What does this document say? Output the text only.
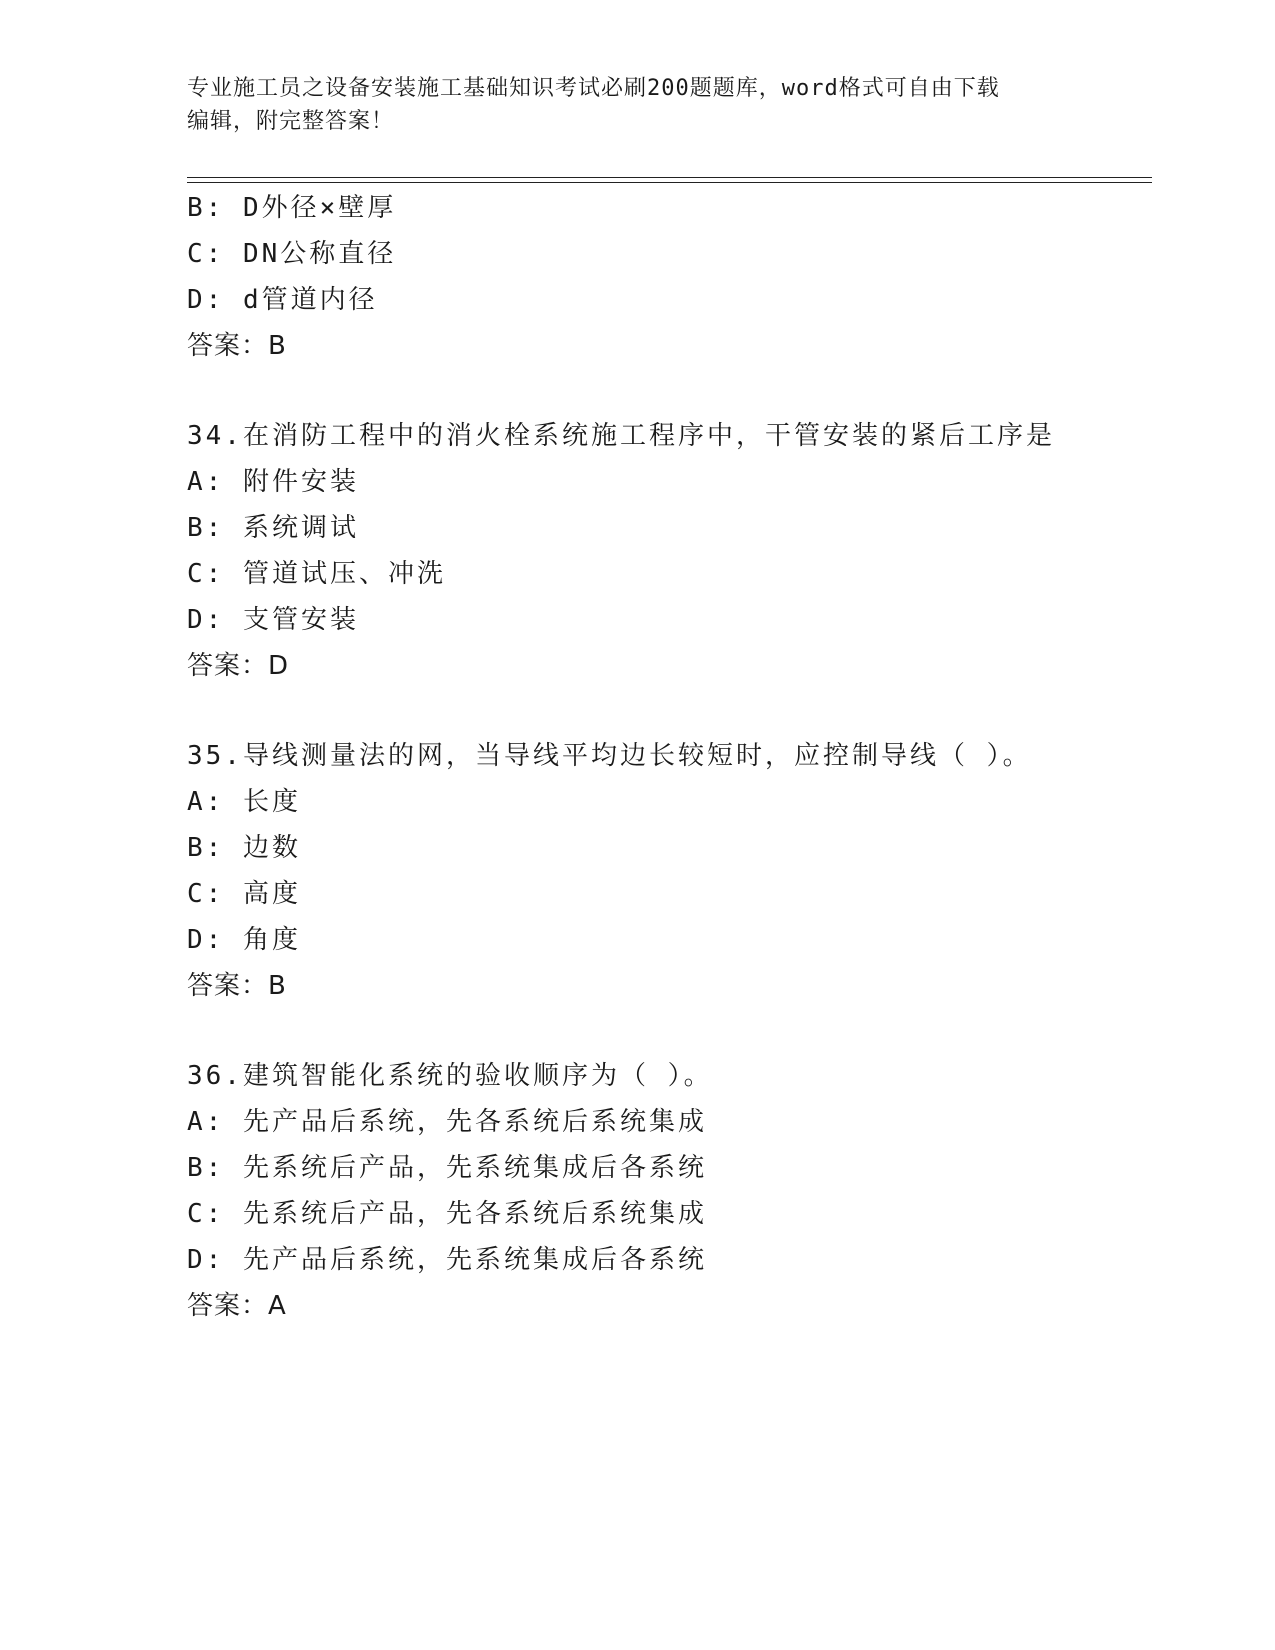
专业施工员之设备安装施工基础知识考试必刷200题题库，word格式可自由下载
编辑，附完整答案！
B: D外径×壁厚
C: DN公称直径
D: d管道内径
答案：B
34.在消防工程中的消火栓系统施工程序中，干管安装的紧后工序是
A: 附件安装
B: 系统调试
C: 管道试压、冲洗
D: 支管安装
答案：D
35.导线测量法的网，当导线平均边长较短时，应控制导线（ ）。
A: 长度
B: 边数
C: 高度
D: 角度
答案：B
36.建筑智能化系统的验收顺序为（ ）。
A: 先产品后系统，先各系统后系统集成
B: 先系统后产品，先系统集成后各系统
C: 先系统后产品，先各系统后系统集成
D: 先产品后系统，先系统集成后各系统
答案：A
